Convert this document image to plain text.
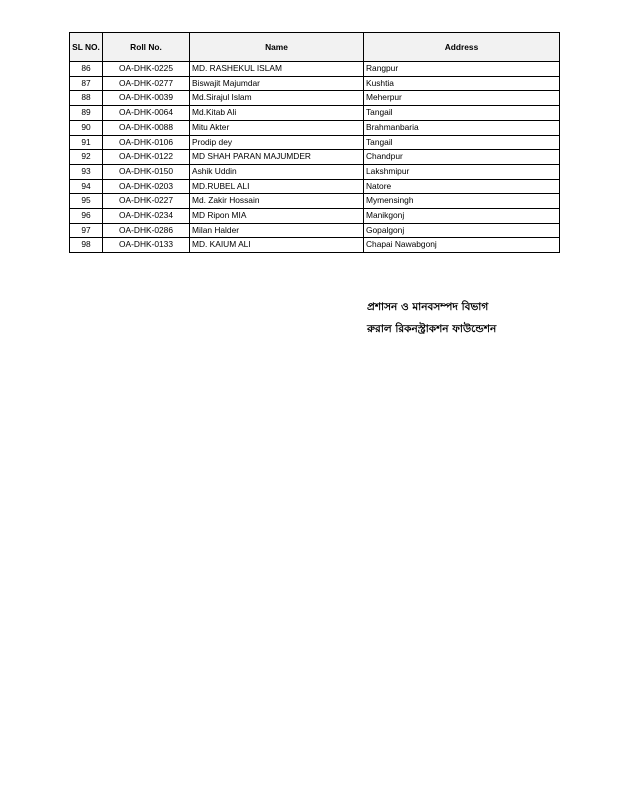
SL NO.	Roll No.	Name	Address
86	OA-DHK-0225	MD. RASHEKUL ISLAM	Rangpur
87	OA-DHK-0277	Biswajit Majumdar	Kushtia
88	OA-DHK-0039	Md.Sirajul Islam	Meherpur
89	OA-DHK-0064	Md.Kitab Ali	Tangail
90	OA-DHK-0088	Mitu Akter	Brahmanbaria
91	OA-DHK-0106	Prodip dey	Tangail
92	OA-DHK-0122	MD SHAH PARAN MAJUMDER	Chandpur
93	OA-DHK-0150	Ashik Uddin	Lakshmipur
94	OA-DHK-0203	MD.RUBEL ALI	Natore
95	OA-DHK-0227	Md. Zakir Hossain	Mymensingh
96	OA-DHK-0234	MD Ripon MIA	Manikgonj
97	OA-DHK-0286	Milan Halder	Gopalgonj
98	OA-DHK-0133	MD. KAIUM ALI	Chapai Nawabgonj
প্রশাসন ও মানবসম্পদ বিভাগ
রুরাল রিকনস্ট্রাকশন ফাউন্ডেশন
